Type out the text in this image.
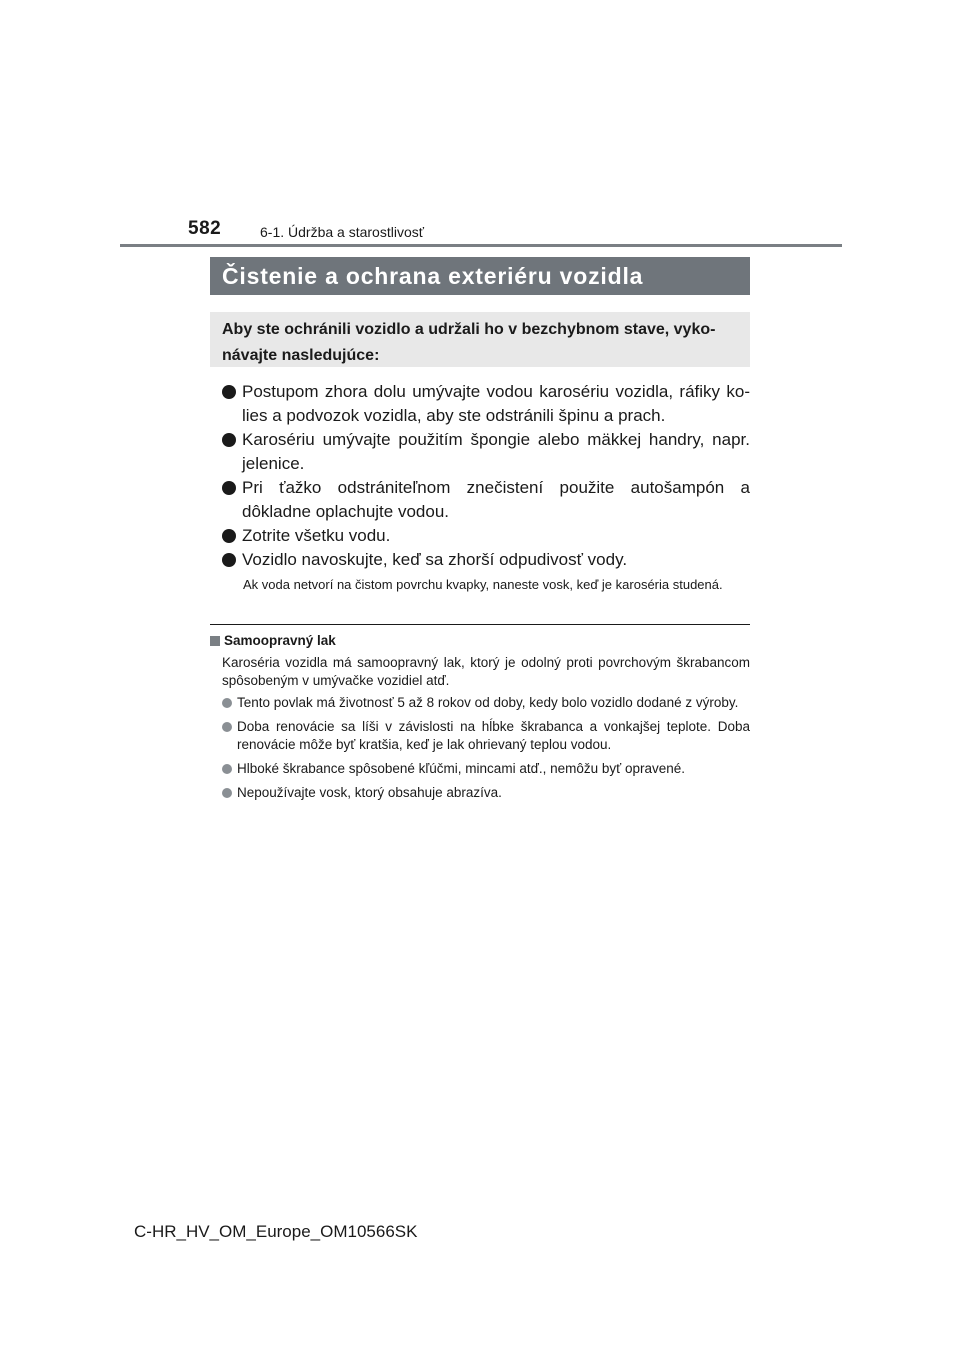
582	6-1. Údržba a starostlivosť
Čistenie a ochrana exteriéru vozidla
Aby ste ochránili vozidlo a udržali ho v bezchybnom stave, vyko-návajte nasledujúce:
Postupom zhora dolu umývajte vodou karosériu vozidla, ráfiky ko-lies a podvozok vozidla, aby ste odstránili špinu a prach.
Karosériu umývajte použitím špongie alebo mäkkej handry, napr. jelenice.
Pri ťažko odstrániteľnom znečistení použite autošampón a dôkladne oplachujte vodou.
Zotrite všetku vodu.
Vozidlo navoskujte, keď sa zhorší odpudivosť vody.
Ak voda netvorí na čistom povrchu kvapky, naneste vosk, keď je karoséria studená.
Samoopravný lak
Karoséria vozidla má samoopravný lak, ktorý je odolný proti povrchovým škrabancom spôsobeným v umývačke vozidiel atď.
Tento povlak má životnosť 5 až 8 rokov od doby, kedy bolo vozidlo dodané z výroby.
Doba renovácie sa líši v závislosti na hĺbke škrabanca a vonkajšej teplote. Doba renovácie môže byť kratšia, keď je lak ohrievaný teplou vodou.
Hlboké škrabance spôsobené kľúčmi, mincami atď., nemôžu byť opravené.
Nepoužívajte vosk, ktorý obsahuje abrazíva.
C-HR_HV_OM_Europe_OM10566SK
